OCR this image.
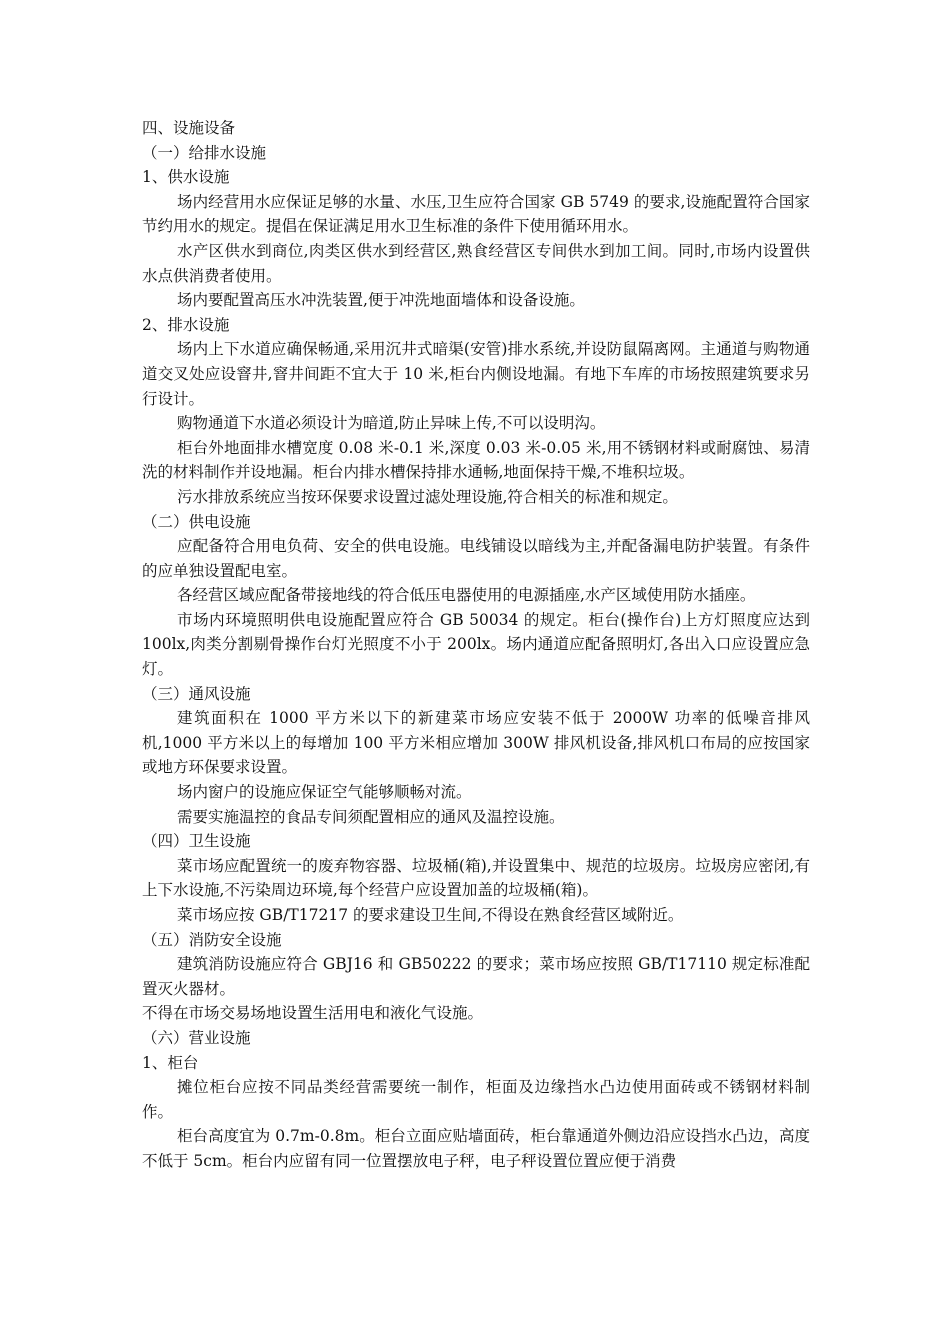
四、设施设备
（一）给排水设施
1、供水设施
场内经营用水应保证足够的水量、水压,卫生应符合国家 GB 5749 的要求,设施配置符合国家节约用水的规定。提倡在保证满足用水卫生标准的条件下使用循环用水。
水产区供水到商位,肉类区供水到经营区,熟食经营区专间供水到加工间。同时,市场内设置供水点供消费者使用。
场内要配置高压水冲洗装置,便于冲洗地面墙体和设备设施。
2、排水设施
场内上下水道应确保畅通,采用沉井式暗渠(安管)排水系统,并设防鼠隔离网。主通道与购物通道交叉处应设窨井,窨井间距不宜大于 10 米,柜台内侧设地漏。有地下车库的市场按照建筑要求另行设计。
购物通道下水道必须设计为暗道,防止异味上传,不可以设明沟。
柜台外地面排水槽宽度 0.08 米-0.1 米,深度 0.03 米-0.05 米,用不锈钢材料或耐腐蚀、易清洗的材料制作并设地漏。柜台内排水槽保持排水通畅,地面保持干燥,不堆积垃圾。
污水排放系统应当按环保要求设置过滤处理设施,符合相关的标准和规定。
（二）供电设施
应配备符合用电负荷、安全的供电设施。电线铺设以暗线为主,并配备漏电防护装置。有条件的应单独设置配电室。
各经营区域应配备带接地线的符合低压电器使用的电源插座,水产区域使用防水插座。
市场内环境照明供电设施配置应符合 GB 50034 的规定。柜台(操作台)上方灯照度应达到 100lx,肉类分割剔骨操作台灯光照度不小于 200lx。场内通道应配备照明灯,各出入口应设置应急灯。
（三）通风设施
建筑面积在 1000 平方米以下的新建菜市场应安装不低于 2000W 功率的低噪音排风机,1000 平方米以上的每增加 100 平方米相应增加 300W 排风机设备,排风机口布局的应按国家或地方环保要求设置。
场内窗户的设施应保证空气能够顺畅对流。
需要实施温控的食品专间须配置相应的通风及温控设施。
（四）卫生设施
菜市场应配置统一的废弃物容器、垃圾桶(箱),并设置集中、规范的垃圾房。垃圾房应密闭,有上下水设施,不污染周边环境,每个经营户应设置加盖的垃圾桶(箱)。
菜市场应按 GB/T17217 的要求建设卫生间,不得设在熟食经营区域附近。
（五）消防安全设施
建筑消防设施应符合 GBJ16 和 GB50222 的要求；菜市场应按照 GB/T17110 规定标准配置灭火器材。
不得在市场交易场地设置生活用电和液化气设施。
（六）营业设施
1、柜台
摊位柜台应按不同品类经营需要统一制作，柜面及边缘挡水凸边使用面砖或不锈钢材料制作。
柜台高度宜为 0.7m-0.8m。柜台立面应贴墙面砖，柜台靠通道外侧边沿应设挡水凸边，高度不低于 5cm。柜台内应留有同一位置摆放电子秤，电子秤设置位置应便于消费
